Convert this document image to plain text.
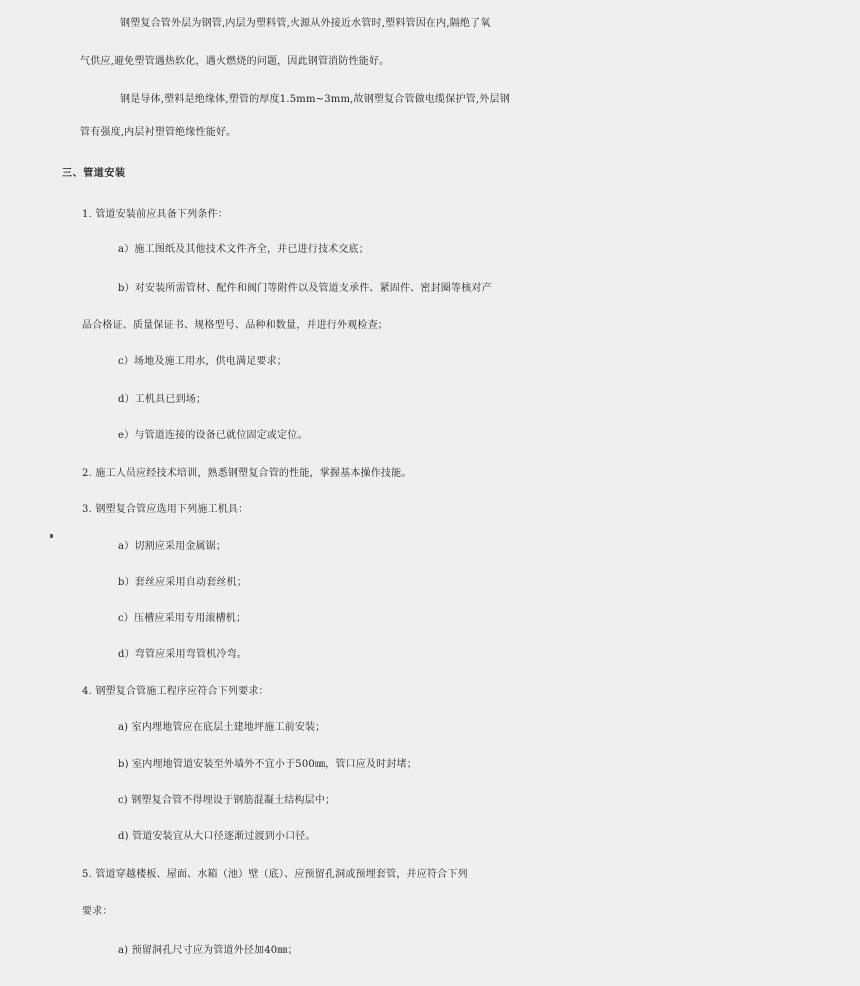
钢塑复合管外层为钢管,内层为塑料管,火源从外接近水管时,塑料管因在内,隔绝了氧
气供应,避免塑管遇热软化，遇火燃烧的问题，因此钢管消防性能好。
钢是导体,塑料是绝缘体,塑管的厚度1.5mm~3mm,故钢塑复合管做电缆保护管,外层钢
管有强度,内层衬塑管绝缘性能好。
三、管道安装
1. 管道安装前应具备下列条件：
a）施工图纸及其他技术文件齐全，并已进行技术交底；
b）对安装所需管材、配件和阀门等附件以及管道支承件、紧固件、密封圈等核对产
品合格证、质量保证书、规格型号、品种和数量，并进行外观检查；
c）场地及施工用水，供电满足要求；
d）工机具已到场；
e）与管道连接的设备已就位固定或定位。
2. 施工人员应经技术培训，熟悉钢塑复合管的性能，掌握基本操作技能。
3. 钢塑复合管应选用下列施工机具：
a）切割应采用金属锯；
b）套丝应采用自动套丝机；
c）压槽应采用专用滚槽机；
d）弯管应采用弯管机冷弯。
4. 钢塑复合管施工程序应符合下列要求：
a) 室内埋地管应在底层土建地坪施工前安装；
b) 室内埋地管道安装至外墙外不宜小于500㎜，管口应及时封堵；
c) 钢塑复合管不得埋设于钢筋混凝土结构层中；
d) 管道安装宜从大口径逐渐过渡到小口径。
5. 管道穿越楼板、屋面、水箱（池）壁（底）、应预留孔洞或预埋套管，并应符合下列
要求：
a) 预留洞孔尺寸应为管道外径加40㎜；
